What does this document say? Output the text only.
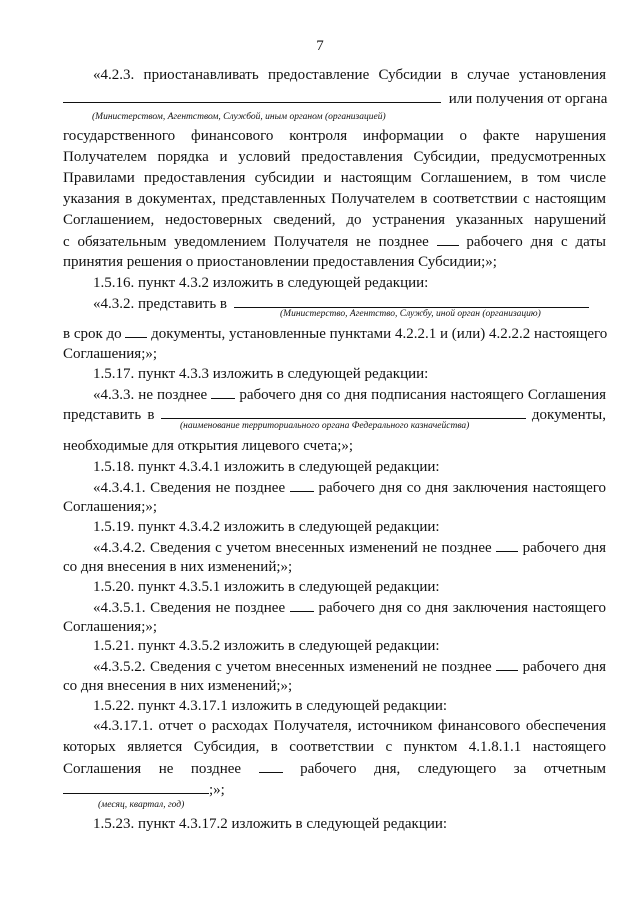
7
«4.2.3. приостанавливать предоставление Субсидии в случае установления
или получения от органа
(Министерством, Агентством, Службой, иным органом (организацией)
государственного финансового контроля информации о факте нарушения
Получателем порядка и условий предоставления Субсидии, предусмотренных
Правилами предоставления субсидии и настоящим Соглашением, в том числе
указания в документах, представленных Получателем в соответствии с настоящим
Соглашением, недостоверных сведений, до устранения указанных нарушений
с обязательным уведомлением Получателя не позднее	рабочего дня с даты
принятия решения о приостановлении предоставления Субсидии;»;
1.5.16. пункт 4.3.2 изложить в следующей редакции:
«4.3.2. представить в
(Министерство, Агентство, Службу, иной орган (организацию)
в срок до документы, установленные пунктами 4.2.2.1 и (или) 4.2.2.2 настоящего
Соглашения;»;
1.5.17. пункт 4.3.3 изложить в следующей редакции:
«4.3.3. не позднее рабочего дня со дня подписания настоящего Соглашения
представить в	документы,
(наименование территориального органа Федерального казначейства)
необходимые для открытия лицевого счета;»;
1.5.18. пункт 4.3.4.1 изложить в следующей редакции:
«4.3.4.1. Сведения не позднее рабочего дня со дня заключения настоящего
Соглашения;»;
1.5.19. пункт 4.3.4.2 изложить в следующей редакции:
«4.3.4.2. Сведения с учетом внесенных изменений не позднее рабочего дня
со дня внесения в них изменений;»;
1.5.20. пункт 4.3.5.1 изложить в следующей редакции:
«4.3.5.1. Сведения не позднее рабочего дня со дня заключения настоящего
Соглашения;»;
1.5.21. пункт 4.3.5.2 изложить в следующей редакции:
«4.3.5.2. Сведения с учетом внесенных изменений не позднее рабочего дня
со дня внесения в них изменений;»;
1.5.22. пункт 4.3.17.1 изложить в следующей редакции:
«4.3.17.1. отчет о расходах Получателя, источником финансового обеспечения
которых является Субсидия, в соответствии с пунктом 4.1.8.1.1 настоящего
Соглашения не позднее	рабочего дня, следующего за отчетным
;»;
(месяц, квартал, год)
1.5.23. пункт 4.3.17.2 изложить в следующей редакции:
